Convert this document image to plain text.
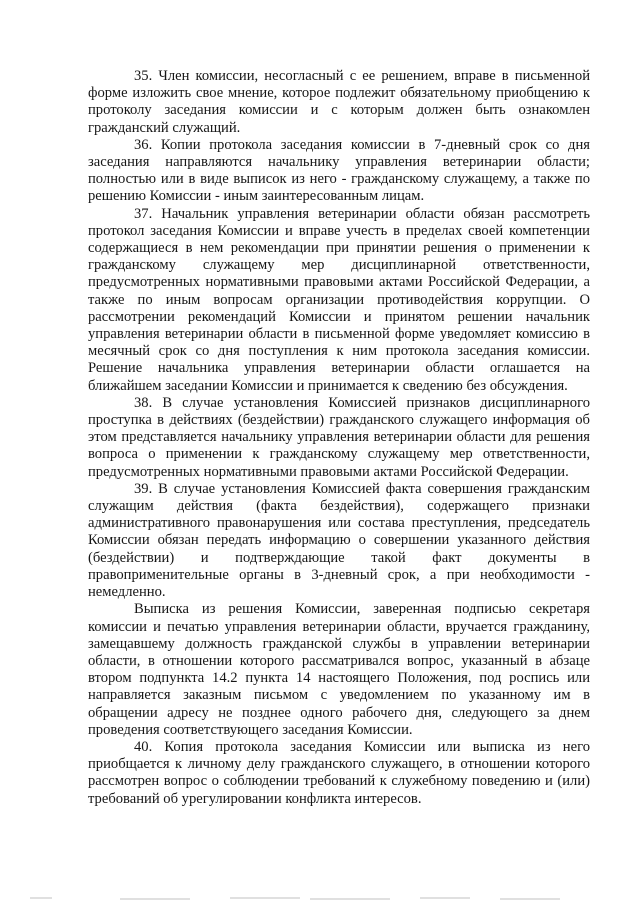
35. Член комиссии, несогласный с ее решением, вправе в письменной форме изложить свое мнение, которое подлежит обязательному приобщению к протоколу заседания комиссии и с которым должен быть ознакомлен гражданский служащий.

36. Копии протокола заседания комиссии в 7-дневный срок со дня заседания направляются начальнику управления ветеринарии области; полностью или в виде выписок из него - гражданскому служащему, а также по решению Комиссии - иным заинтересованным лицам.

37. Начальник управления ветеринарии области обязан рассмотреть протокол заседания Комиссии и вправе учесть в пределах своей компетенции содержащиеся в нем рекомендации при принятии решения о применении к гражданскому служащему мер дисциплинарной ответственности, предусмотренных нормативными правовыми актами Российской Федерации, а также по иным вопросам организации противодействия коррупции. О рассмотрении рекомендаций Комиссии и принятом решении начальник управления ветеринарии области в письменной форме уведомляет комиссию в месячный срок со дня поступления к ним протокола заседания комиссии. Решение начальника управления ветеринарии области оглашается на ближайшем заседании Комиссии и принимается к сведению без обсуждения.

38. В случае установления Комиссией признаков дисциплинарного проступка в действиях (бездействии) гражданского служащего информация об этом представляется начальнику управления ветеринарии области для решения вопроса о применении к гражданскому служащему мер ответственности, предусмотренных нормативными правовыми актами Российской Федерации.

39. В случае установления Комиссией факта совершения гражданским служащим действия (факта бездействия), содержащего признаки административного правонарушения или состава преступления, председатель Комиссии обязан передать информацию о совершении указанного действия (бездействии) и подтверждающие такой факт документы в правоприменительные органы в 3-дневный срок, а при необходимости - немедленно.

Выписка из решения Комиссии, заверенная подписью секретаря комиссии и печатью управления ветеринарии области, вручается гражданину, замещавшему должность гражданской службы в управлении ветеринарии области, в отношении которого рассматривался вопрос, указанный в абзаце втором подпункта 14.2 пункта 14 настоящего Положения, под роспись или направляется заказным письмом с уведомлением по указанному им в обращении адресу не позднее одного рабочего дня, следующего за днем проведения соответствующего заседания Комиссии.

40. Копия протокола заседания Комиссии или выписка из него приобщается к личному делу гражданского служащего, в отношении которого рассмотрен вопрос о соблюдении требований к служебному поведению и (или) требований об урегулировании конфликта интересов.
